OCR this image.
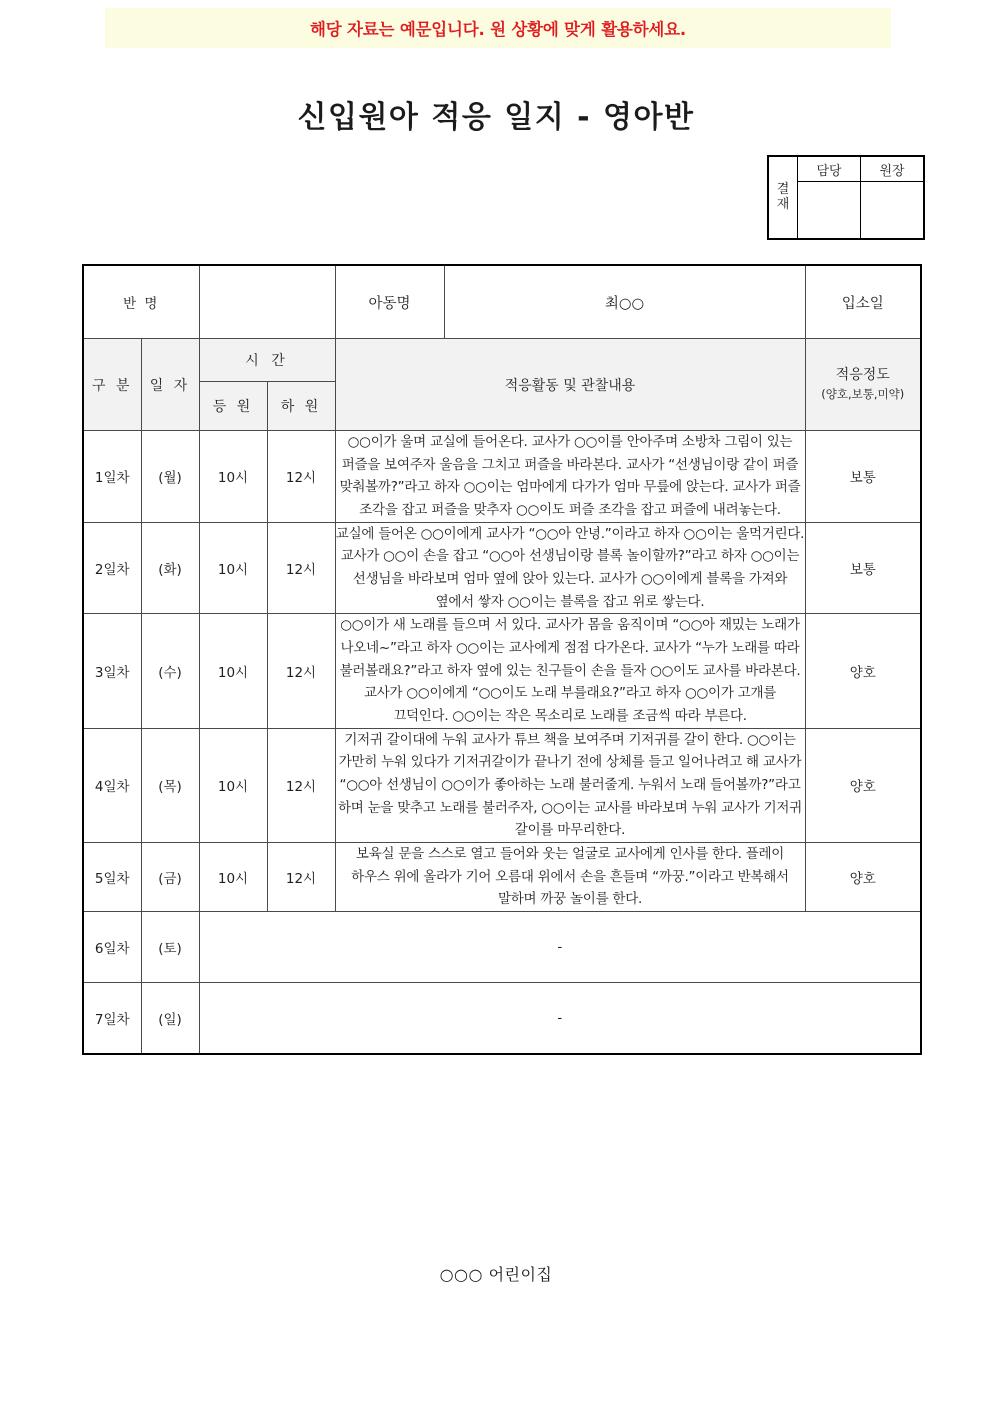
해당 자료는 예문입니다. 원 상황에 맞게 활용하세요.
신입원아 적응 일지 - 영아반
결
재	담당	원장

반 명			아동명	최○○
		입소일

구 분	일 자	시 간	적응활동 및 관찰내용	적응정도
(양호,보통,미약)

등 원	하 원
1일차	(월)	10시	12시	○○이가 울며 교실에 들어온다. 교사가 ○○이를 안아주며 소방차 그림이 있는 퍼즐을 보여주자 울음을 그치고 퍼즐을 바라본다. 교사가 “선생님이랑 같이 퍼즐 맞춰볼까?”라고 하자 ○○이는 엄마에게 다가가 엄마 무릎에 앉는다. 교사가 퍼즐 조각을 잡고 퍼즐을 맞추자 ○○이도 퍼즐 조각을 잡고 퍼즐에 내려놓는다.	보통
2일차	(화)	10시	12시	교실에 들어온 ○○이에게 교사가 “○○아 안녕.”이라고 하자 ○○이는 울먹거린다. 교사가 ○○이 손을 잡고 “○○아 선생님이랑 블록 놀이할까?”라고 하자 ○○이는 선생님을 바라보며 엄마 옆에 앉아 있는다. 교사가 ○○이에게 블록을 가져와 옆에서 쌓자 ○○이는 블록을 잡고 위로 쌓는다.	보통
3일차	(수)	10시	12시	○○이가 새 노래를 들으며 서 있다. 교사가 몸을 움직이며 “○○아 재밌는 노래가 나오네~”라고 하자 ○○이는 교사에게 점점 다가온다. 교사가 “누가 노래를 따라 불러볼래요?”라고 하자 옆에 있는 친구들이 손을 들자 ○○이도 교사를 바라본다. 교사가 ○○이에게 “○○이도 노래 부를래요?”라고 하자 ○○이가 고개를 끄덕인다. ○○이는 작은 목소리로 노래를 조금씩 따라 부른다.	양호
4일차	(목)	10시	12시	기저귀 갈이대에 누워 교사가 튜브 책을 보여주며 기저귀를 갈이 한다. ○○이는 가만히 누워 있다가 기저귀갈이가 끝나기 전에 상체를 들고 일어나려고 해 교사가 “○○아 선생님이 ○○이가 좋아하는 노래 불러줄게. 누워서 노래 들어볼까?”라고 하며 눈을 맞추고 노래를 불러주자, ○○이는 교사를 바라보며 누워 교사가 기저귀 갈이를 마무리한다.	양호
5일차	(금)	10시	12시	보육실 문을 스스로 열고 들어와 웃는 얼굴로 교사에게 인사를 한다. 플레이 하우스 위에 올라가 기어 오름대 위에서 손을 흔들며 “까꿍.”이라고 반복해서 말하며 까꿍 놀이를 한다.	양호
6일차	(토)	-
7일차	(일)	-
○○○ 어린이집
